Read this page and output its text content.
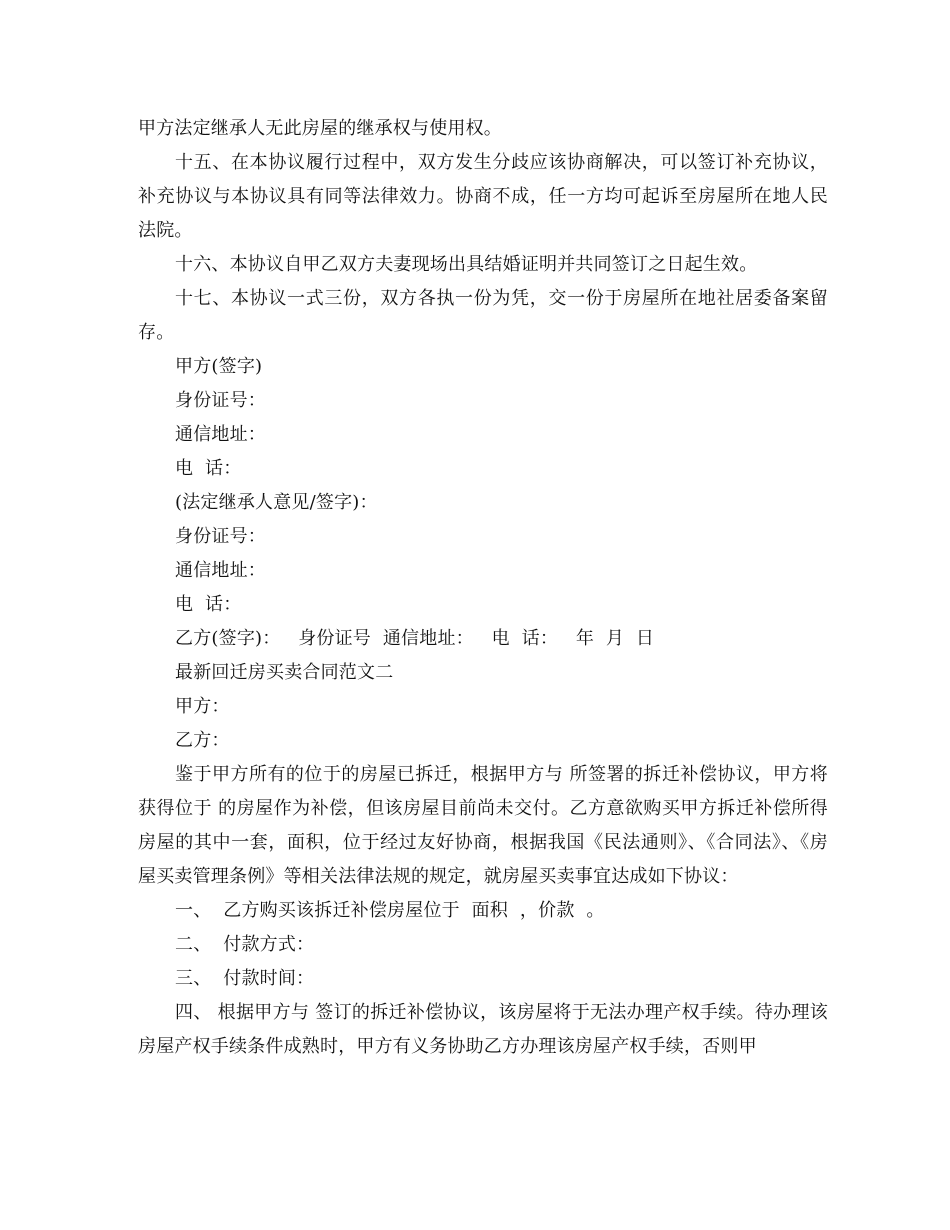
甲方法定继承人无此房屋的继承权与使用权。

十五、在本协议履行过程中，双方发生分歧应该协商解决，可以签订补充协议，补充协议与本协议具有同等法律效力。协商不成，任一方均可起诉至房屋所在地人民法院。

十六、本协议自甲乙双方夫妻现场出具结婚证明并共同签订之日起生效。

十七、本协议一式三份，双方各执一份为凭，交一份于房屋所在地社居委备案留存。

甲方(签字)

身份证号：

通信地址：

电  话：

(法定继承人意见/签字)：

身份证号：

通信地址：

电  话：

乙方(签字)：   身份证号  通信地址：   电  话：   年  月  日

最新回迁房买卖合同范文二

甲方：

乙方：

鉴于甲方所有的位于的房屋已拆迁，根据甲方与 所签署的拆迁补偿协议，甲方将获得位于 的房屋作为补偿，但该房屋目前尚未交付。乙方意欲购买甲方拆迁补偿所得房屋的其中一套，面积，位于经过友好协商，根据我国《民法通则》、《合同法》、《房屋买卖管理条例》等相关法律法规的规定，就房屋买卖事宜达成如下协议：

一、  乙方购买该拆迁补偿房屋位于  面积  ，价款  。

二、  付款方式：

三、  付款时间：

四、 根据甲方与 签订的拆迁补偿协议，该房屋将于无法办理产权手续。待办理该房屋产权手续条件成熟时，甲方有义务协助乙方办理该房屋产权手续，否则甲
